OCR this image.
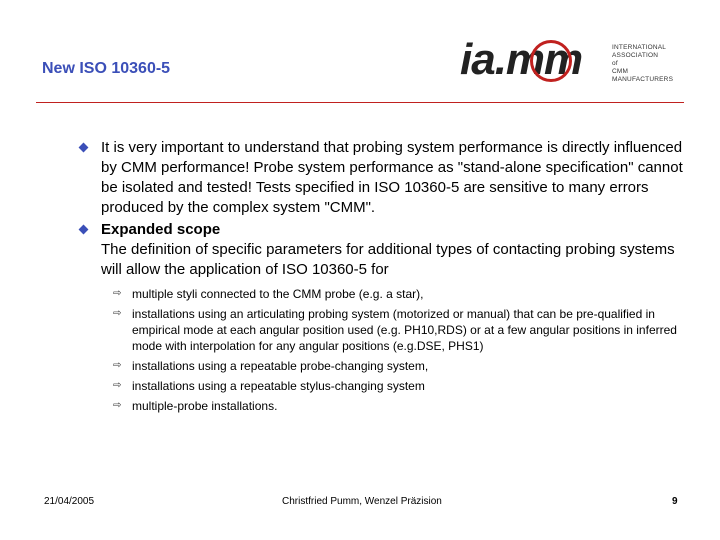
New ISO 10360-5	ia.mm	INTERNATIONAL
ASSOCIATION
of
CMM MANUFACTURERS
It is very important to understand that probing system performance is directly influenced by CMM performance! Probe system performance as "stand-alone specification" cannot be isolated and tested! Tests specified in ISO 10360-5 are sensitive to many errors produced by the complex system "CMM".
Expanded scope
The definition of specific parameters for additional types of contacting probing systems will allow the application of ISO 10360-5 for
⇨ multiple styli connected to the CMM probe (e.g. a star),
⇨ installations using an articulating probing system (motorized or manual) that can be pre-qualified in empirical mode at each angular position used (e.g. PH10,RDS) or at a few angular positions in inferred mode with interpolation for any angular positions (e.g.DSE, PHS1)
⇨ installations using a repeatable probe-changing system,
⇨ installations using a repeatable stylus-changing system
⇨ multiple-probe installations.
21/04/2005	Christfried Pumm, Wenzel Präzision	9
